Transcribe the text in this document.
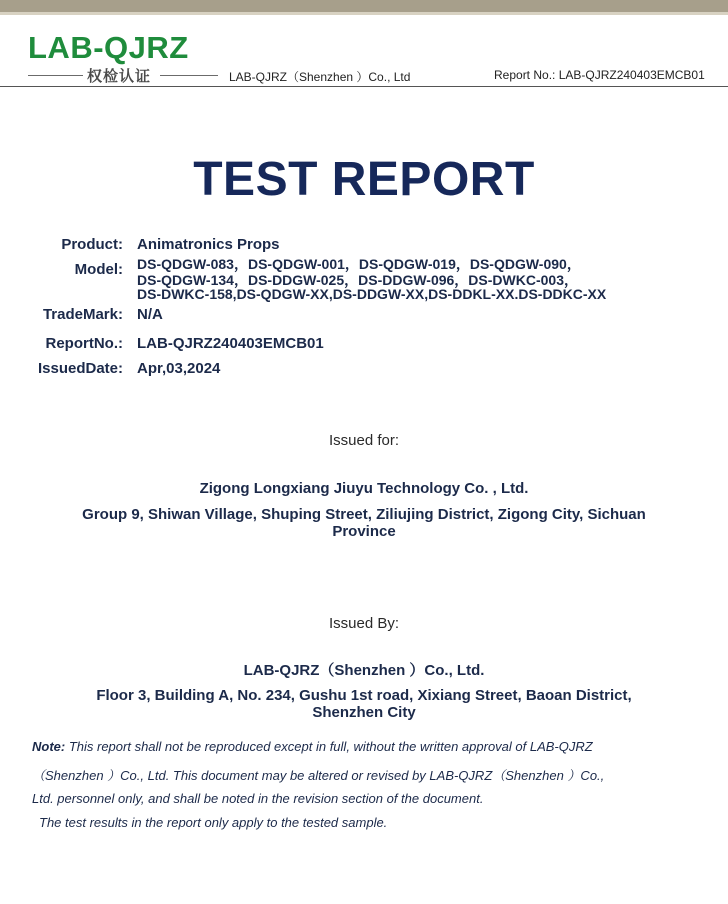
LAB-QJRZ
权检认证	LAB-QJRZ（Shenzhen ）Co., Ltd	Report No.: LAB-QJRZ240403EMCB01
TEST REPORT
Product: Animatronics Props
Model: DS-QDGW-083，DS-QDGW-001，DS-QDGW-019，DS-QDGW-090，
DS-QDGW-134，DS-DDGW-025，DS-DDGW-096，DS-DWKC-003，
DS-DWKC-158,DS-QDGW-XX,DS-DDGW-XX,DS-DDKL-XX.DS-DDKC-XX
TradeMark: N/A
ReportNo.: LAB-QJRZ240403EMCB01
IssuedDate: Apr,03,2024
Issued for:
Zigong Longxiang Jiuyu Technology Co. , Ltd.
Group 9, Shiwan Village, Shuping Street, Ziliujing District, Zigong City, Sichuan
Province
Issued By:
LAB-QJRZ（Shenzhen ）Co., Ltd.
Floor 3, Building A, No. 234, Gushu 1st road, Xixiang Street, Baoan District,
Shenzhen City
Note: This report shall not be reproduced except in full, without the written approval of LAB-QJRZ
（Shenzhen ）Co., Ltd. This document may be altered or revised by LAB-QJRZ（Shenzhen ）Co.,
Ltd. personnel only, and shall be noted in the revision section of the document.
The test results in the report only apply to the tested sample.
